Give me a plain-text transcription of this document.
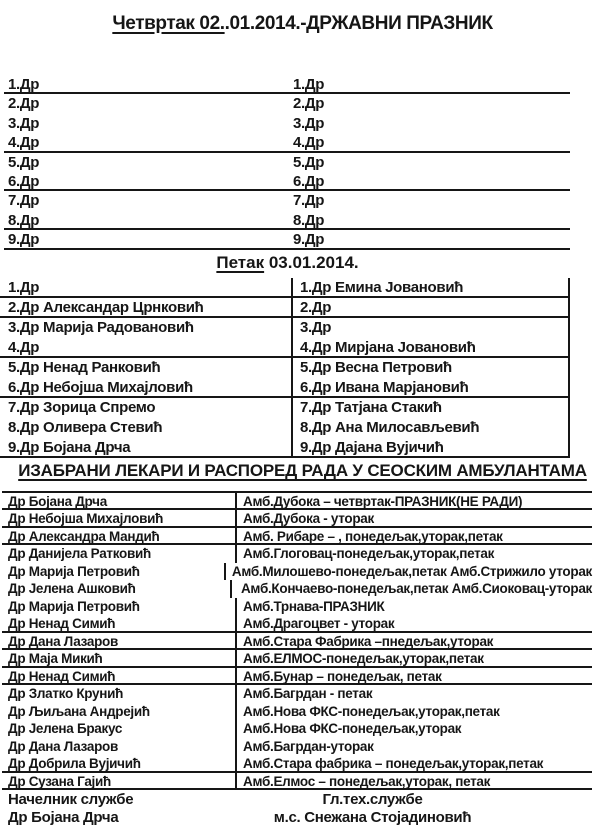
Четвртак 02..01.2014.-ДРЖАВНИ ПРАЗНИК
1.Др	1.Др
2.Др	2.Др
3.Др	3.Др
4.Др	4.Др
5.Др	5.Др
6.Др	6.Др
7.Др	7.Др
8.Др	8.Др
9.Др	9.Др
Петак 03.01.2014.
1.Др	1.Др Емина Јовановић
2.Др Александар Црнковић	2.Др
3.Др Марија Радовановић	3.Др
4.Др	4.Др Мирјана Јовановић
5.Др Ненад Ранковић	5.Др Весна Петровић
6.Др Небојша Михајловић	6.Др Ивана Марјановић
7.Др Зорица Спремо	7.Др Татјана Стакић
8.Др Оливера Стевић	8.Др Ана Милосављевић
9.Др Бојана Дрча	9.Др Дајана Вујичић
ИЗАБРАНИ ЛЕКАРИ И РАСПОРЕД РАДА У СЕОСКИМ АМБУЛАНТАМА
Др Бојана Дрча	Амб.Дубока – четвртак-ПРАЗНИК(НЕ РАДИ)
Др Небојша Михајловић	Амб.Дубока - уторак
Др Александра Мандић	Амб. Рибаре – , понедељак,уторак,петак
Др Данијела Ратковић	Амб.Глоговац-понедељак,уторак,петак
Др Марија Петровић	Амб.Милошево-понедељак,петак Амб.Стрижило уторак
Др Јелена Ашковић	Амб.Кончаево-понедељак,петак Амб.Сиоковац-уторак
Др Марија Петровић	Амб.Трнава-ПРАЗНИК
Др Ненад Симић	Амб.Драгоцвет - уторак
Др Дана Лазаров	Амб.Стара Фабрика –пнедељак,уторак
Др Маја Микић	Амб.ЕЛМОС-понедељак,уторак,петак
Др Ненад Симић	Амб.Бунар – понедељак, петак
Др Златко Крунић	Амб.Багрдан - петак
Др Љиљана Андрејић	Амб.Нова ФКС-понедељак,уторак,петак
Др Јелена Бракус	Амб.Нова ФКС-понедељак,уторак
Др Дана Лазаров	Амб.Багрдан-уторак
Др Добрила Вујичић	Амб.Стара фабрика – понедељак,уторак,петак
Др Сузана Гајић	Амб.Елмос – понедељак,уторак, петак
Начелник службе	Гл.тех.службе
Др Бојана Дрча	м.с. Снежана Стојадиновић
